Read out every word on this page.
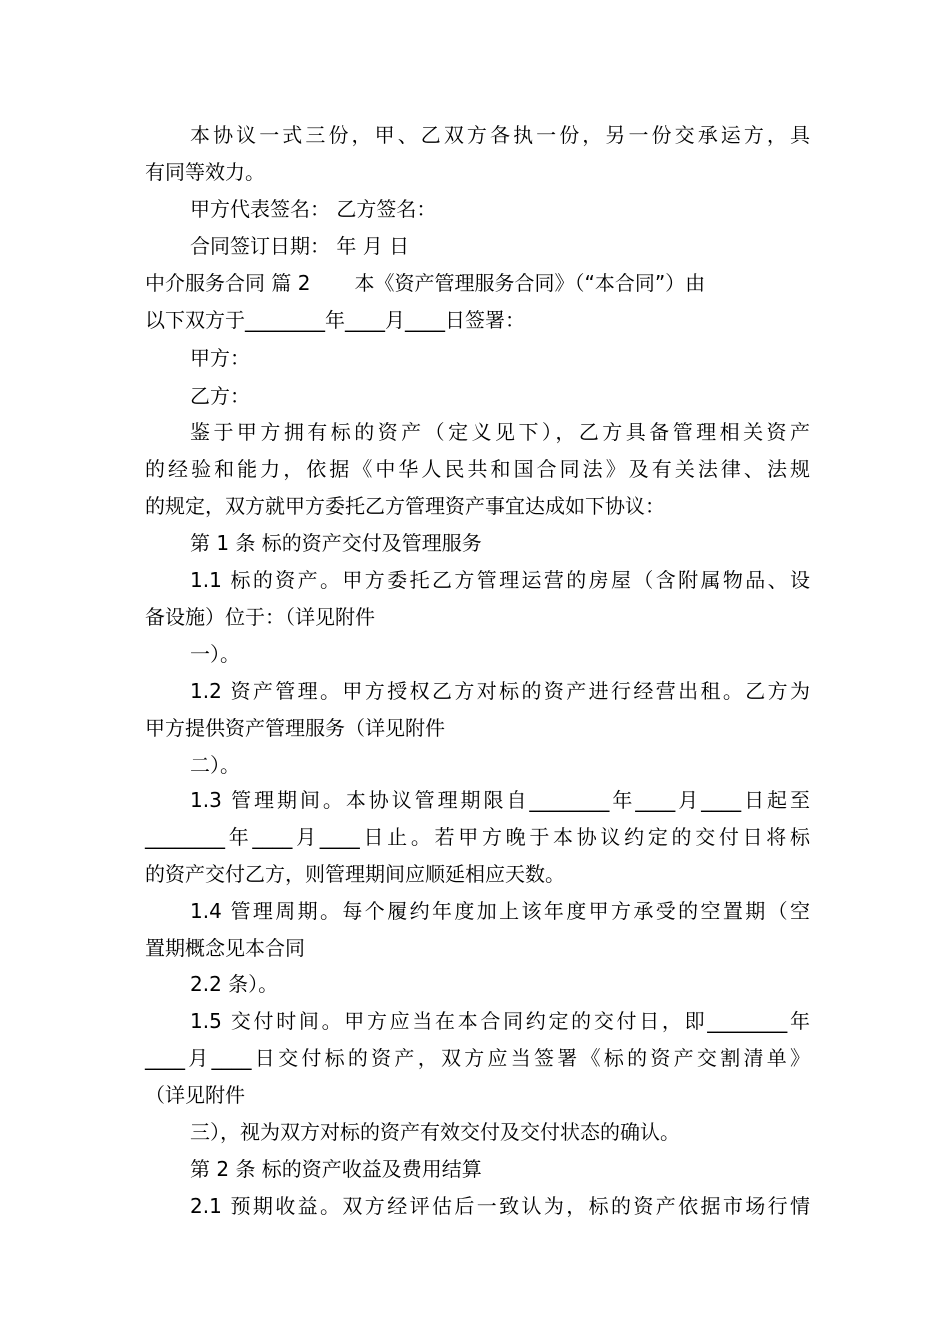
本协议一式三份，甲、乙双方各执一份，另一份交承运方，具
有同等效力。
甲方代表签名： 乙方签名：
合同签订日期： 年 月 日
中介服务合同 篇 2 本《资产管理服务合同》（“本合同”）由
以下双方于________年____月____日签署：
甲方：
乙方：
鉴于甲方拥有标的资产（定义见下），乙方具备管理相关资产
的经验和能力，依据《中华人民共和国合同法》及有关法律、法规
的规定，双方就甲方委托乙方管理资产事宜达成如下协议：
第 1 条 标的资产交付及管理服务
1.1 标的资产。甲方委托乙方管理运营的房屋（含附属物品、设
备设施）位于：（详见附件
一）。
1.2 资产管理。甲方授权乙方对标的资产进行经营出租。乙方为
甲方提供资产管理服务（详见附件
二）。
1.3 管理期间。本协议管理期限自________年____月____日起至
________年____月____日止。若甲方晚于本协议约定的交付日将标
的资产交付乙方，则管理期间应顺延相应天数。
1.4 管理周期。每个履约年度加上该年度甲方承受的空置期（空
置期概念见本合同
2.2 条）。
1.5 交付时间。甲方应当在本合同约定的交付日，即________年
____月____日交付标的资产，双方应当签署《标的资产交割清单》
（详见附件
三），视为双方对标的资产有效交付及交付状态的确认。
第 2 条 标的资产收益及费用结算
2.1 预期收益。双方经评估后一致认为，标的资产依据市场行情
